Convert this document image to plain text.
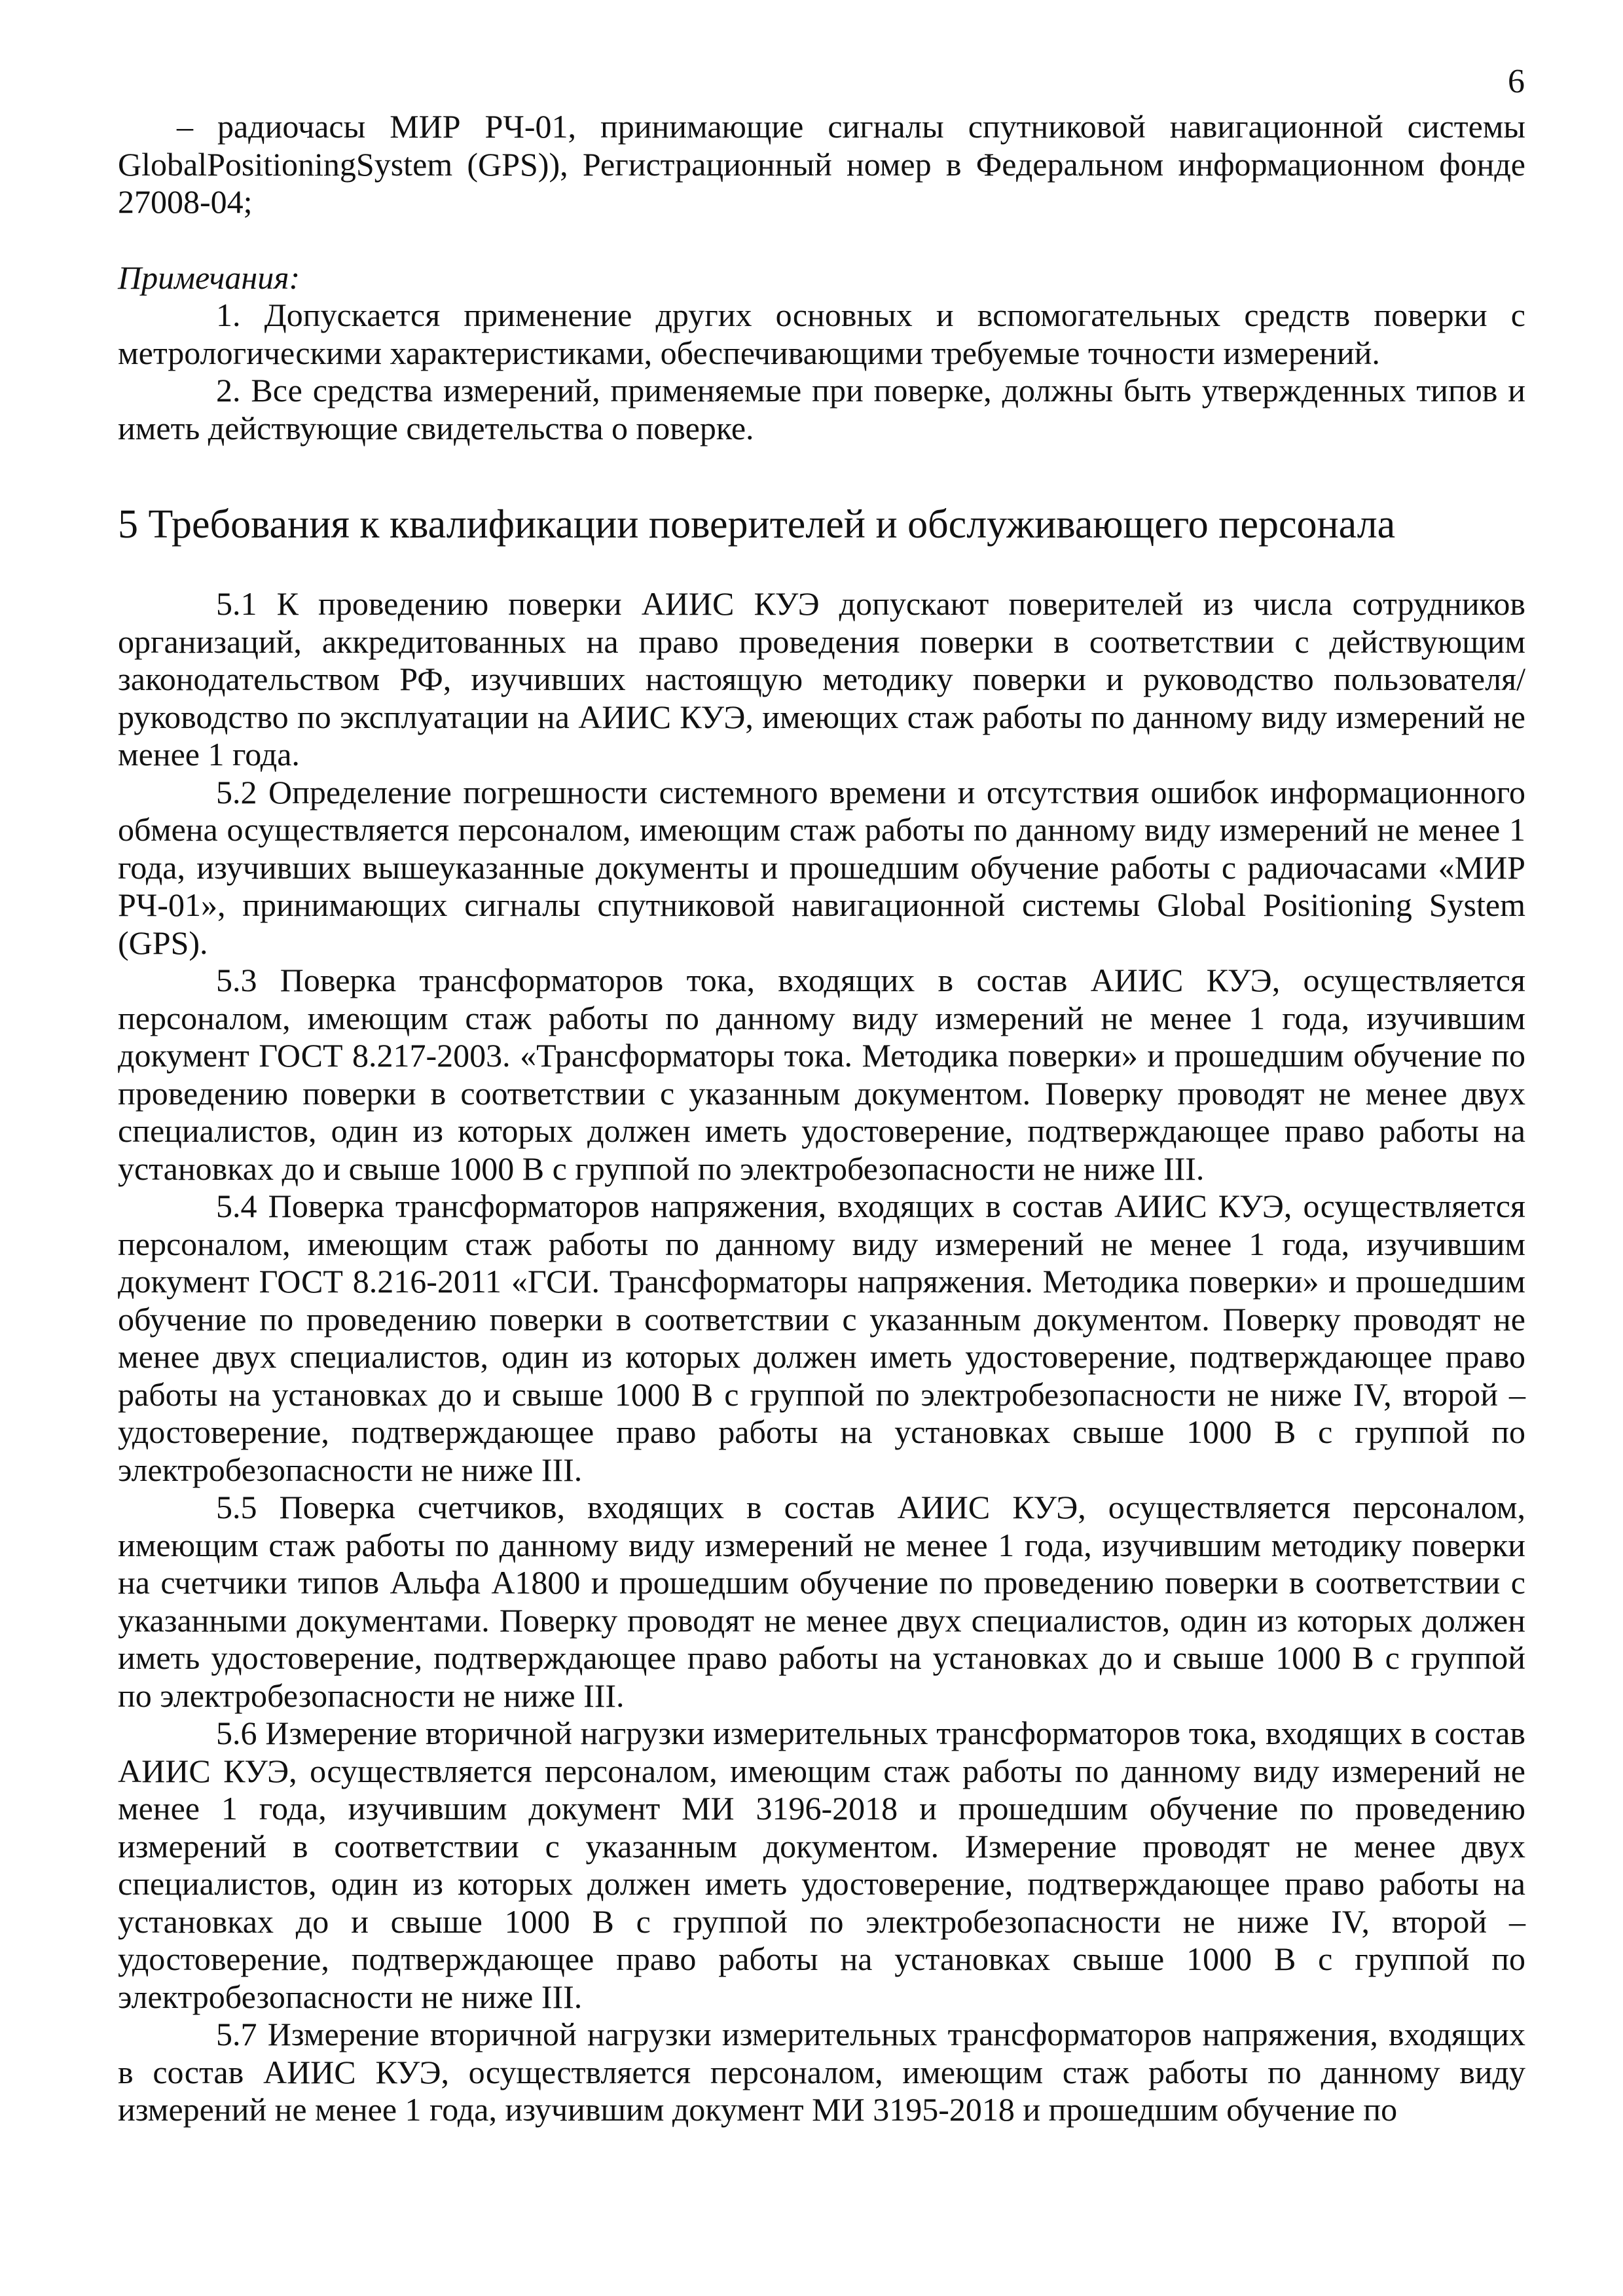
6

– радиочасы МИР РЧ-01, принимающие сигналы спутниковой навигационной системы GlobalPositioningSystem (GPS)), Регистрационный номер в Федеральном информационном фонде 27008-04;

Примечания:

1. Допускается применение других основных и вспомогательных средств поверки с метрологическими характеристиками, обеспечивающими требуемые точности измерений.

2. Все средства измерений, применяемые при поверке, должны быть утвержденных типов и иметь действующие свидетельства о поверке.

5 Требования к квалификации поверителей и обслуживающего персонала

5.1 К проведению поверки АИИС КУЭ допускают поверителей из числа сотрудников организаций, аккредитованных на право проведения поверки в соответствии с действующим законодательством РФ, изучивших настоящую методику поверки и руководство пользователя/руководство по эксплуатации на АИИС КУЭ, имеющих стаж работы по данному виду измерений не менее 1 года.

5.2 Определение погрешности системного времени и отсутствия ошибок информационного обмена осуществляется персоналом, имеющим стаж работы по данному виду измерений не менее 1 года, изучивших вышеуказанные документы и прошедшим обучение работы с радиочасами «МИР РЧ-01», принимающих сигналы спутниковой навигационной системы Global Positioning System (GPS).

5.3 Поверка трансформаторов тока, входящих в состав АИИС КУЭ, осуществляется персоналом, имеющим стаж работы по данному виду измерений не менее 1 года, изучившим документ ГОСТ 8.217-2003. «Трансформаторы тока. Методика поверки» и прошедшим обучение по проведению поверки в соответствии с указанным документом. Поверку проводят не менее двух специалистов, один из которых должен иметь удостоверение, подтверждающее право работы на установках до и свыше 1000 В с группой по электробезопасности не ниже III.

5.4 Поверка трансформаторов напряжения, входящих в состав АИИС КУЭ, осуществляется персоналом, имеющим стаж работы по данному виду измерений не менее 1 года, изучившим документ ГОСТ 8.216-2011 «ГСИ. Трансформаторы напряжения. Методика поверки» и прошедшим обучение по проведению поверки в соответствии с указанным документом. Поверку проводят не менее двух специалистов, один из которых должен иметь удостоверение, подтверждающее право работы на установках до и свыше 1000 В с группой по электробезопасности не ниже IV, второй – удостоверение, подтверждающее право работы на установках свыше 1000 В с группой по электробезопасности не ниже III.

5.5 Поверка счетчиков, входящих в состав АИИС КУЭ, осуществляется персоналом, имеющим стаж работы по данному виду измерений не менее 1 года, изучившим методику поверки на счетчики типов Альфа А1800 и прошедшим обучение по проведению поверки в соответствии с указанными документами. Поверку проводят не менее двух специалистов, один из которых должен иметь удостоверение, подтверждающее право работы на установках до и свыше 1000 В с группой по электробезопасности не ниже III.

5.6 Измерение вторичной нагрузки измерительных трансформаторов тока, входящих в состав АИИС КУЭ, осуществляется персоналом, имеющим стаж работы по данному виду измерений не менее 1 года, изучившим документ МИ 3196-2018 и прошедшим обучение по проведению измерений в соответствии с указанным документом. Измерение проводят не менее двух специалистов, один из которых должен иметь удостоверение, подтверждающее право работы на установках до и свыше 1000 В с группой по электробезопасности не ниже IV, второй – удостоверение, подтверждающее право работы на установках свыше 1000 В с группой по электробезопасности не ниже III.

5.7 Измерение вторичной нагрузки измерительных трансформаторов напряжения, входящих в состав АИИС КУЭ, осуществляется персоналом, имеющим стаж работы по данному виду измерений не менее 1 года, изучившим документ МИ 3195-2018 и прошедшим обучение по
